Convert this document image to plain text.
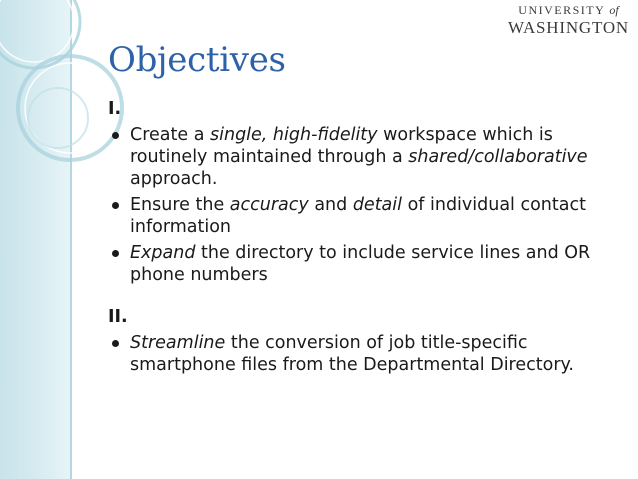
UNIVERSITY of
WASHINGTON
Objectives
I.
Create a single, high-fidelity workspace which is routinely maintained through a shared/collaborative approach.
Ensure the accuracy and detail of individual contact information
Expand the directory to include service lines and OR phone numbers
II.
Streamline the conversion of job title-specific smartphone files from the Departmental Directory.
